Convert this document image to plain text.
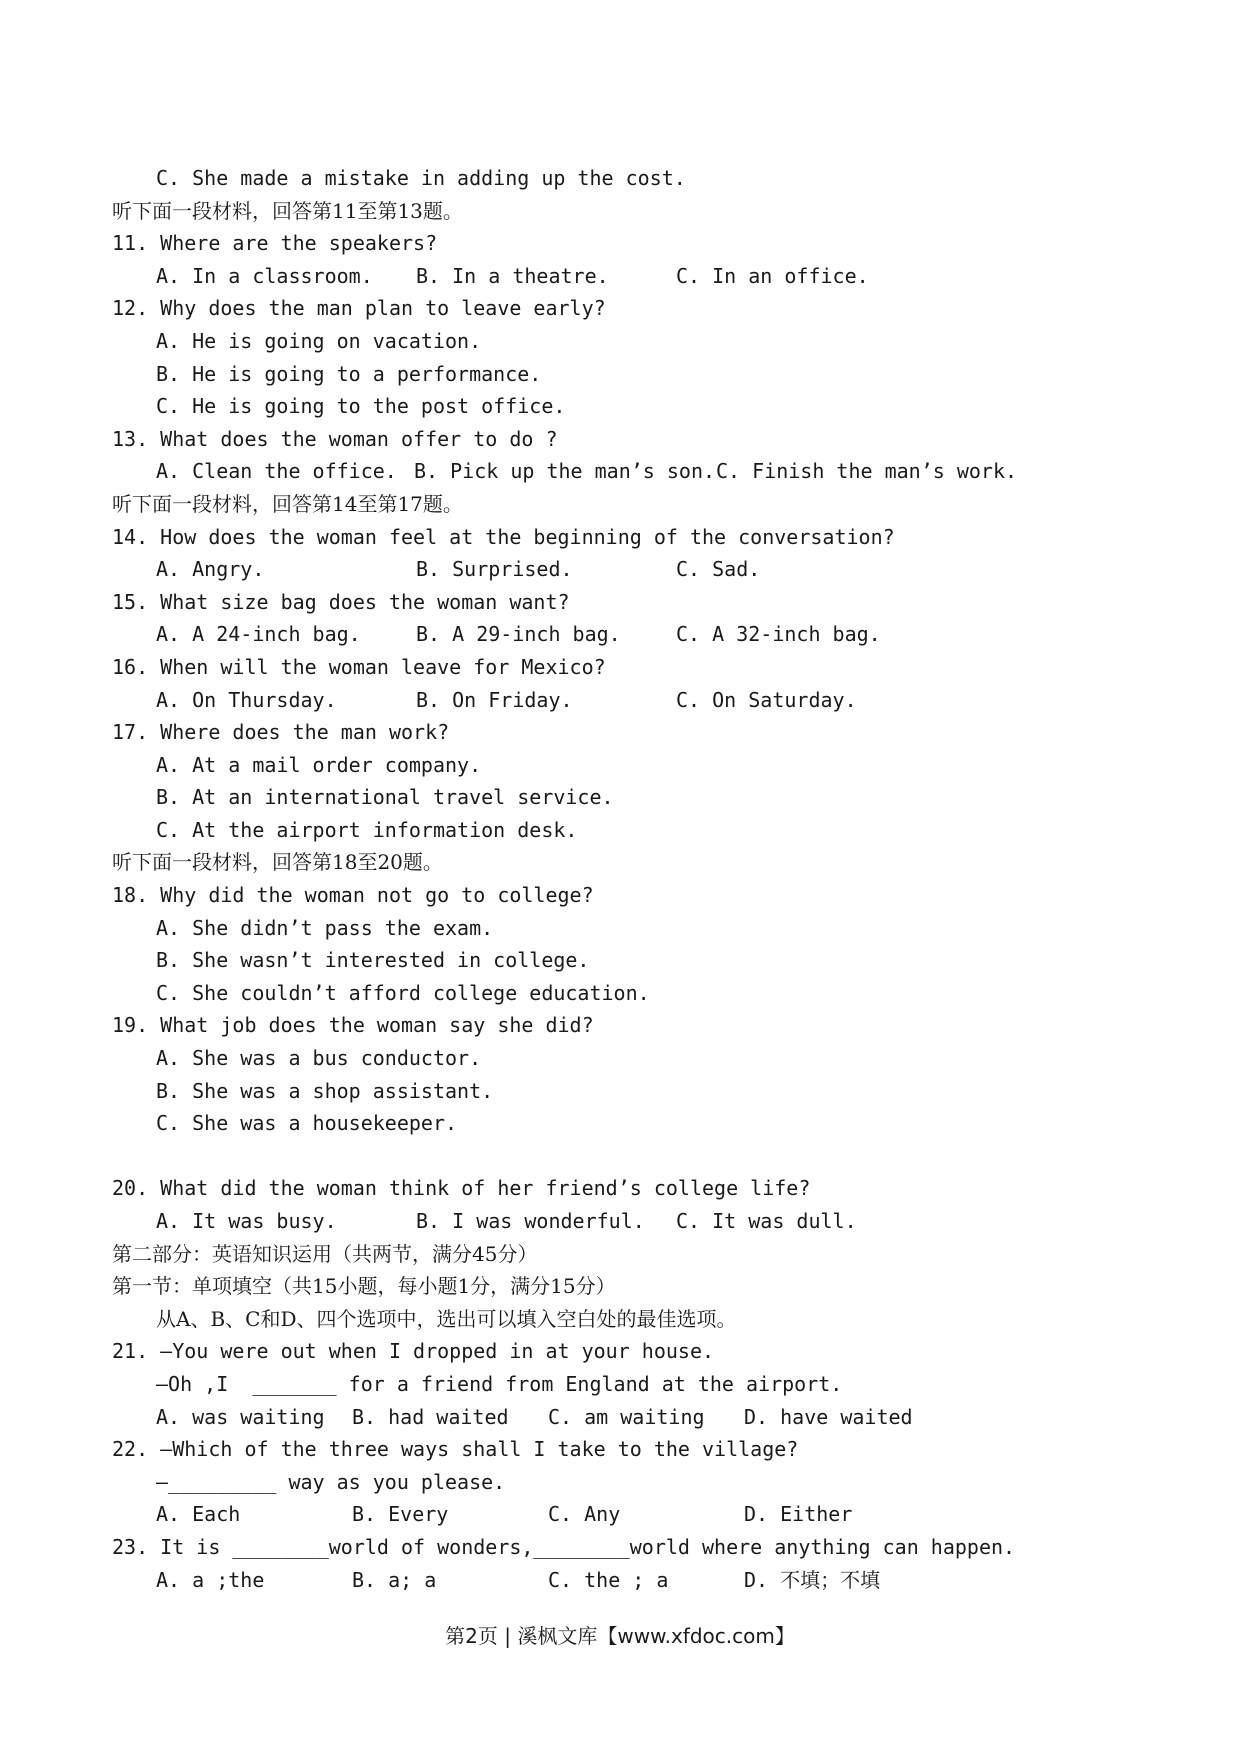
C. She made a mistake in adding up the cost.
听下面一段材料，回答第11至第13题。
11. Where are the speakers?
A. In a classroom.	B. In a theatre.	C. In an office.
12. Why does the man plan to leave early?
A. He is going on vacation.
B. He is going to a performance.
C. He is going to the post office.
13. What does the woman offer to do ?
A. Clean the office. B. Pick up the man’s son. C. Finish the man’s work.
听下面一段材料，回答第14至第17题。
14. How does the woman feel at the beginning of the conversation?
A. Angry.	B. Surprised.	C. Sad.
15. What size bag does the woman want?
A. A 24-inch bag.	B. A 29-inch bag.	C. A 32-inch bag.
16. When will the woman leave for Mexico?
A. On Thursday.	B. On Friday.	C. On Saturday.
17. Where does the man work?
A. At a mail order company.
B. At an international travel service.
C. At the airport information desk.
听下面一段材料，回答第18至20题。
18. Why did the woman not go to college?
A. She didn’t pass the exam.
B. She wasn’t interested in college.
C. She couldn’t afford college education.
19. What job does the woman say she did?
A. She was a bus conductor.
B. She was a shop assistant.
C. She was a housekeeper.
20. What did the woman think of her friend’s college life?
A. It was busy.	B. I was wonderful.	C. It was dull.
第二部分：英语知识运用（共两节，满分45分）
第一节：单项填空（共15小题，每小题1分，满分15分）
从A、B、C和D、四个选项中，选出可以填入空白处的最佳选项。
21. —You were out when I dropped in at your house.
—Oh ,I  _______ for a friend from England at the airport.
A. was waiting	B. had waited	C. am waiting	D. have waited
22. —Which of the three ways shall I take to the village?
—_________ way as you please.
A. Each	B. Every	C. Any	D. Either
23. It is ________world of wonders,________world where anything can happen.
A. a ;the	B. a; a	C. the ; a	D. 不填；不填
第2页 | 溪枫文库【www.xfdoc.com】
